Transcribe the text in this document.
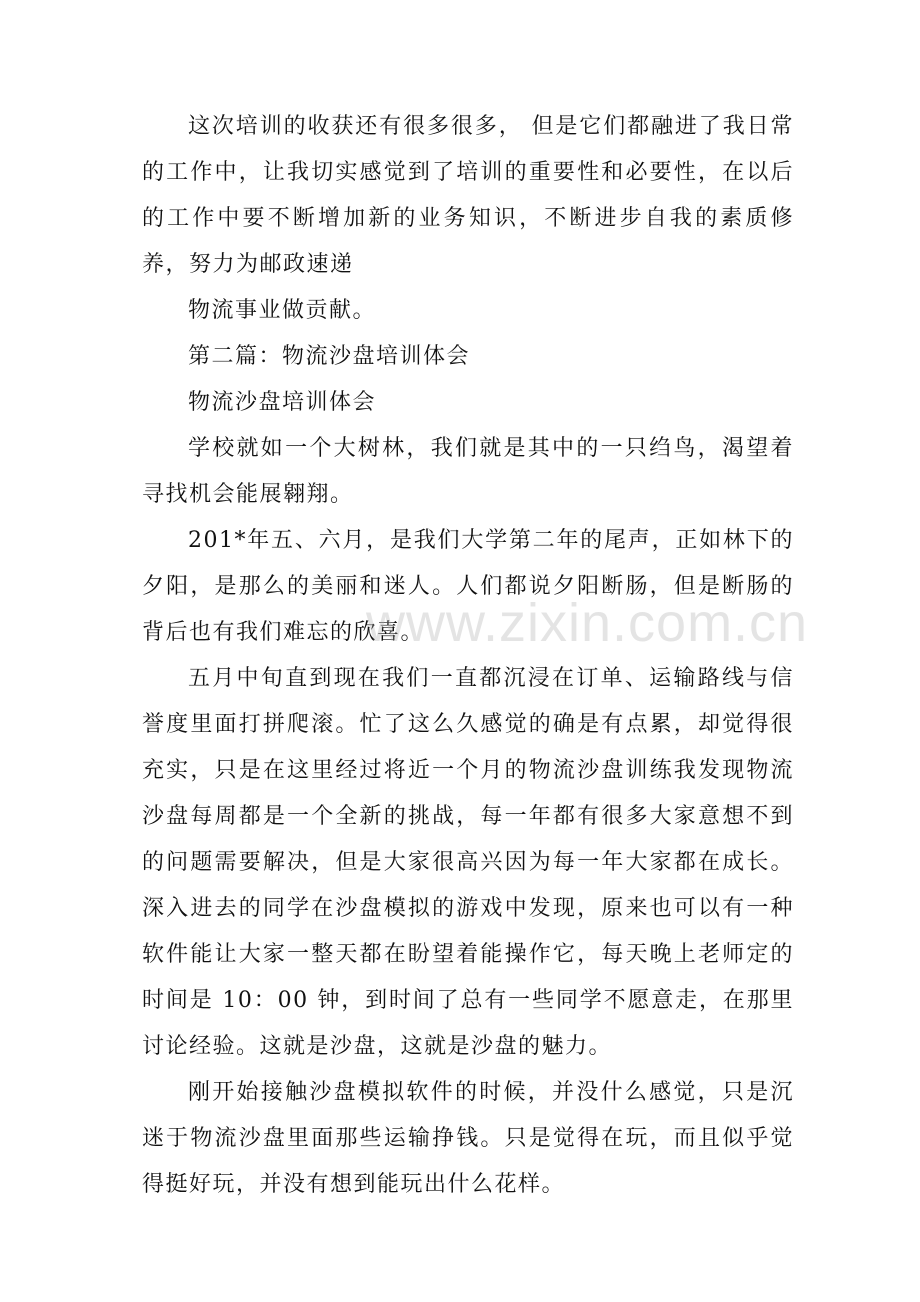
这次培训的收获还有很多很多， 但是它们都融进了我日常的工作中，让我切实感觉到了培训的重要性和必要性，在以后的工作中要不断增加新的业务知识，不断进步自我的素质修养，努力为邮政速递

物流事业做贡献。

第二篇：物流沙盘培训体会

物流沙盘培训体会

学校就如一个大树林，我们就是其中的一只绉鸟，渴望着寻找机会能展翱翔。

201*年五、六月，是我们大学第二年的尾声，正如林下的夕阳，是那么的美丽和迷人。人们都说夕阳断肠，但是断肠的背后也有我们难忘的欣喜。

五月中旬直到现在我们一直都沉浸在订单、运输路线与信誉度里面打拼爬滚。忙了这么久感觉的确是有点累，却觉得很充实，只是在这里经过将近一个月的物流沙盘训练我发现物流沙盘每周都是一个全新的挑战，每一年都有很多大家意想不到的问题需要解决，但是大家很高兴因为每一年大家都在成长。深入进去的同学在沙盘模拟的游戏中发现，原来也可以有一种软件能让大家一整天都在盼望着能操作它，每天晚上老师定的时间是 10：00 钟，到时间了总有一些同学不愿意走，在那里讨论经验。这就是沙盘，这就是沙盘的魅力。

刚开始接触沙盘模拟软件的时候，并没什么感觉，只是沉迷于物流沙盘里面那些运输挣钱。只是觉得在玩，而且似乎觉得挺好玩，并没有想到能玩出什么花样。

www.zixin.com.cn
